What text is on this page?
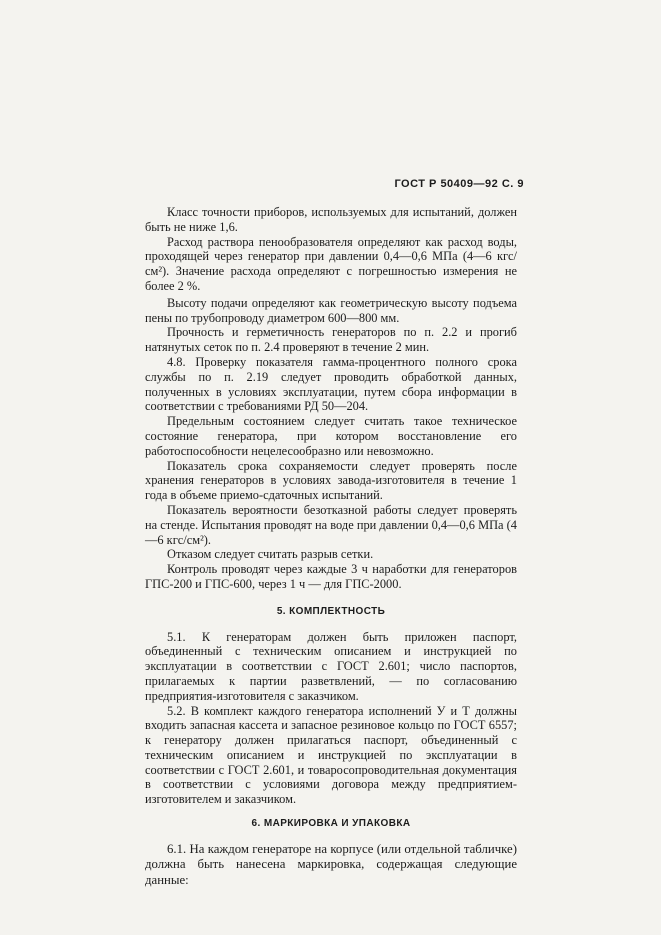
ГОСТ Р 50409—92 С. 9

Класс точности приборов, используемых для испытаний, должен быть не ниже 1,6.

Расход раствора пенообразователя определяют как расход воды, проходящей через генератор при давлении 0,4—0,6 МПа (4—6 кгс/см²). Значение расхода определяют с погрешностью измерения не более 2 %.

Высоту подачи определяют как геометрическую высоту подъема пены по трубопроводу диаметром 600—800 мм.

Прочность и герметичность генераторов по п. 2.2 и прогиб натянутых сеток по п. 2.4 проверяют в течение 2 мин.

4.8. Проверку показателя гамма-процентного полного срока службы по п. 2.19 следует проводить обработкой данных, полученных в условиях эксплуатации, путем сбора информации в соответствии с требованиями РД 50—204.

Предельным состоянием следует считать такое техническое состояние генератора, при котором восстановление его работоспособности нецелесообразно или невозможно.

Показатель срока сохраняемости следует проверять после хранения генераторов в условиях завода-изготовителя в течение 1 года в объеме приемо-сдаточных испытаний.

Показатель вероятности безотказной работы следует проверять на стенде. Испытания проводят на воде при давлении 0,4—0,6 МПа (4—6 кгс/см²).

Отказом следует считать разрыв сетки.

Контроль проводят через каждые 3 ч наработки для генераторов ГПС-200 и ГПС-600, через 1 ч — для ГПС-2000.

5. КОМПЛЕКТНОСТЬ

5.1. К генераторам должен быть приложен паспорт, объединенный с техническим описанием и инструкцией по эксплуатации в соответствии с ГОСТ 2.601; число паспортов, прилагаемых к партии разветвлений, — по согласованию предприятия-изготовителя с заказчиком.

5.2. В комплект каждого генератора исполнений У и Т должны входить запасная кассета и запасное резиновое кольцо по ГОСТ 6557; к генератору должен прилагаться паспорт, объединенный с техническим описанием и инструкцией по эксплуатации в соответствии с ГОСТ 2.601, и товаросопроводительная документация в соответствии с условиями договора между предприятием-изготовителем и заказчиком.

6. МАРКИРОВКА И УПАКОВКА

6.1. На каждом генераторе на корпусе (или отдельной табличке) должна быть нанесена маркировка, содержащая следующие данные:
